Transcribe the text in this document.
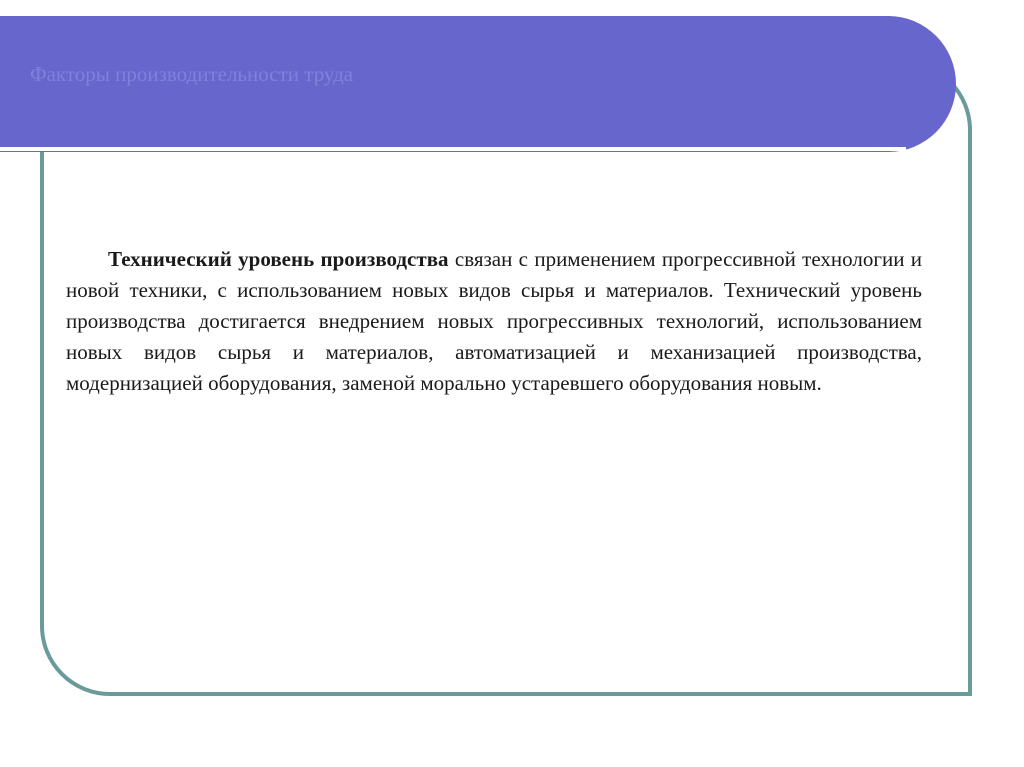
Факторы производительности труда

Технический уровень производства связан с применением прогрессивной технологии и новой техники, с использованием новых видов сырья и материалов. Технический уровень производства достигается внедрением новых прогрессивных технологий, использованием новых видов сырья и материалов, автоматизацией и механизацией производства, модернизацией оборудования, заменой морально устаревшего оборудования новым.
